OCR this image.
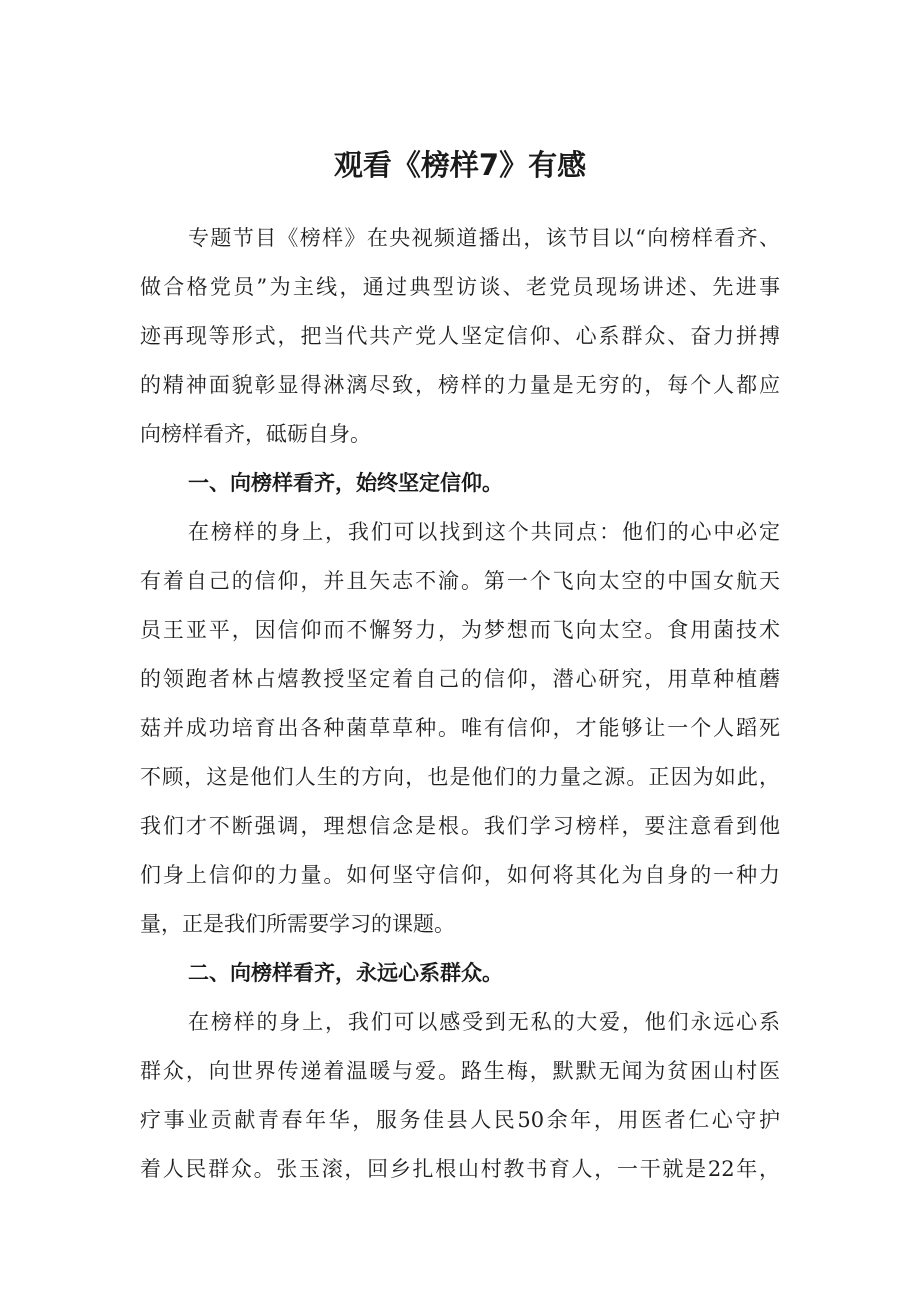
观看《榜样7》有感
专题节目《榜样》在央视频道播出，该节目以“向榜样看齐、
做合格党员”为主线，通过典型访谈、老党员现场讲述、先进事
迹再现等形式，把当代共产党人坚定信仰、心系群众、奋力拼搏
的精神面貌彰显得淋漓尽致，榜样的力量是无穷的，每个人都应
向榜样看齐，砥砺自身。
一、向榜样看齐，始终坚定信仰。
在榜样的身上，我们可以找到这个共同点：他们的心中必定
有着自己的信仰，并且矢志不渝。第一个飞向太空的中国女航天
员王亚平，因信仰而不懈努力，为梦想而飞向太空。食用菌技术
的领跑者林占熺教授坚定着自己的信仰，潜心研究，用草种植蘑
菇并成功培育出各种菌草草种。唯有信仰，才能够让一个人蹈死
不顾，这是他们人生的方向，也是他们的力量之源。正因为如此，
我们才不断强调，理想信念是根。我们学习榜样，要注意看到他
们身上信仰的力量。如何坚守信仰，如何将其化为自身的一种力
量，正是我们所需要学习的课题。
二、向榜样看齐，永远心系群众。
在榜样的身上，我们可以感受到无私的大爱，他们永远心系
群众，向世界传递着温暖与爱。路生梅，默默无闻为贫困山村医
疗事业贡献青春年华，服务佳县人民50余年，用医者仁心守护
着人民群众。张玉滚，回乡扎根山村教书育人，一干就是22年，
